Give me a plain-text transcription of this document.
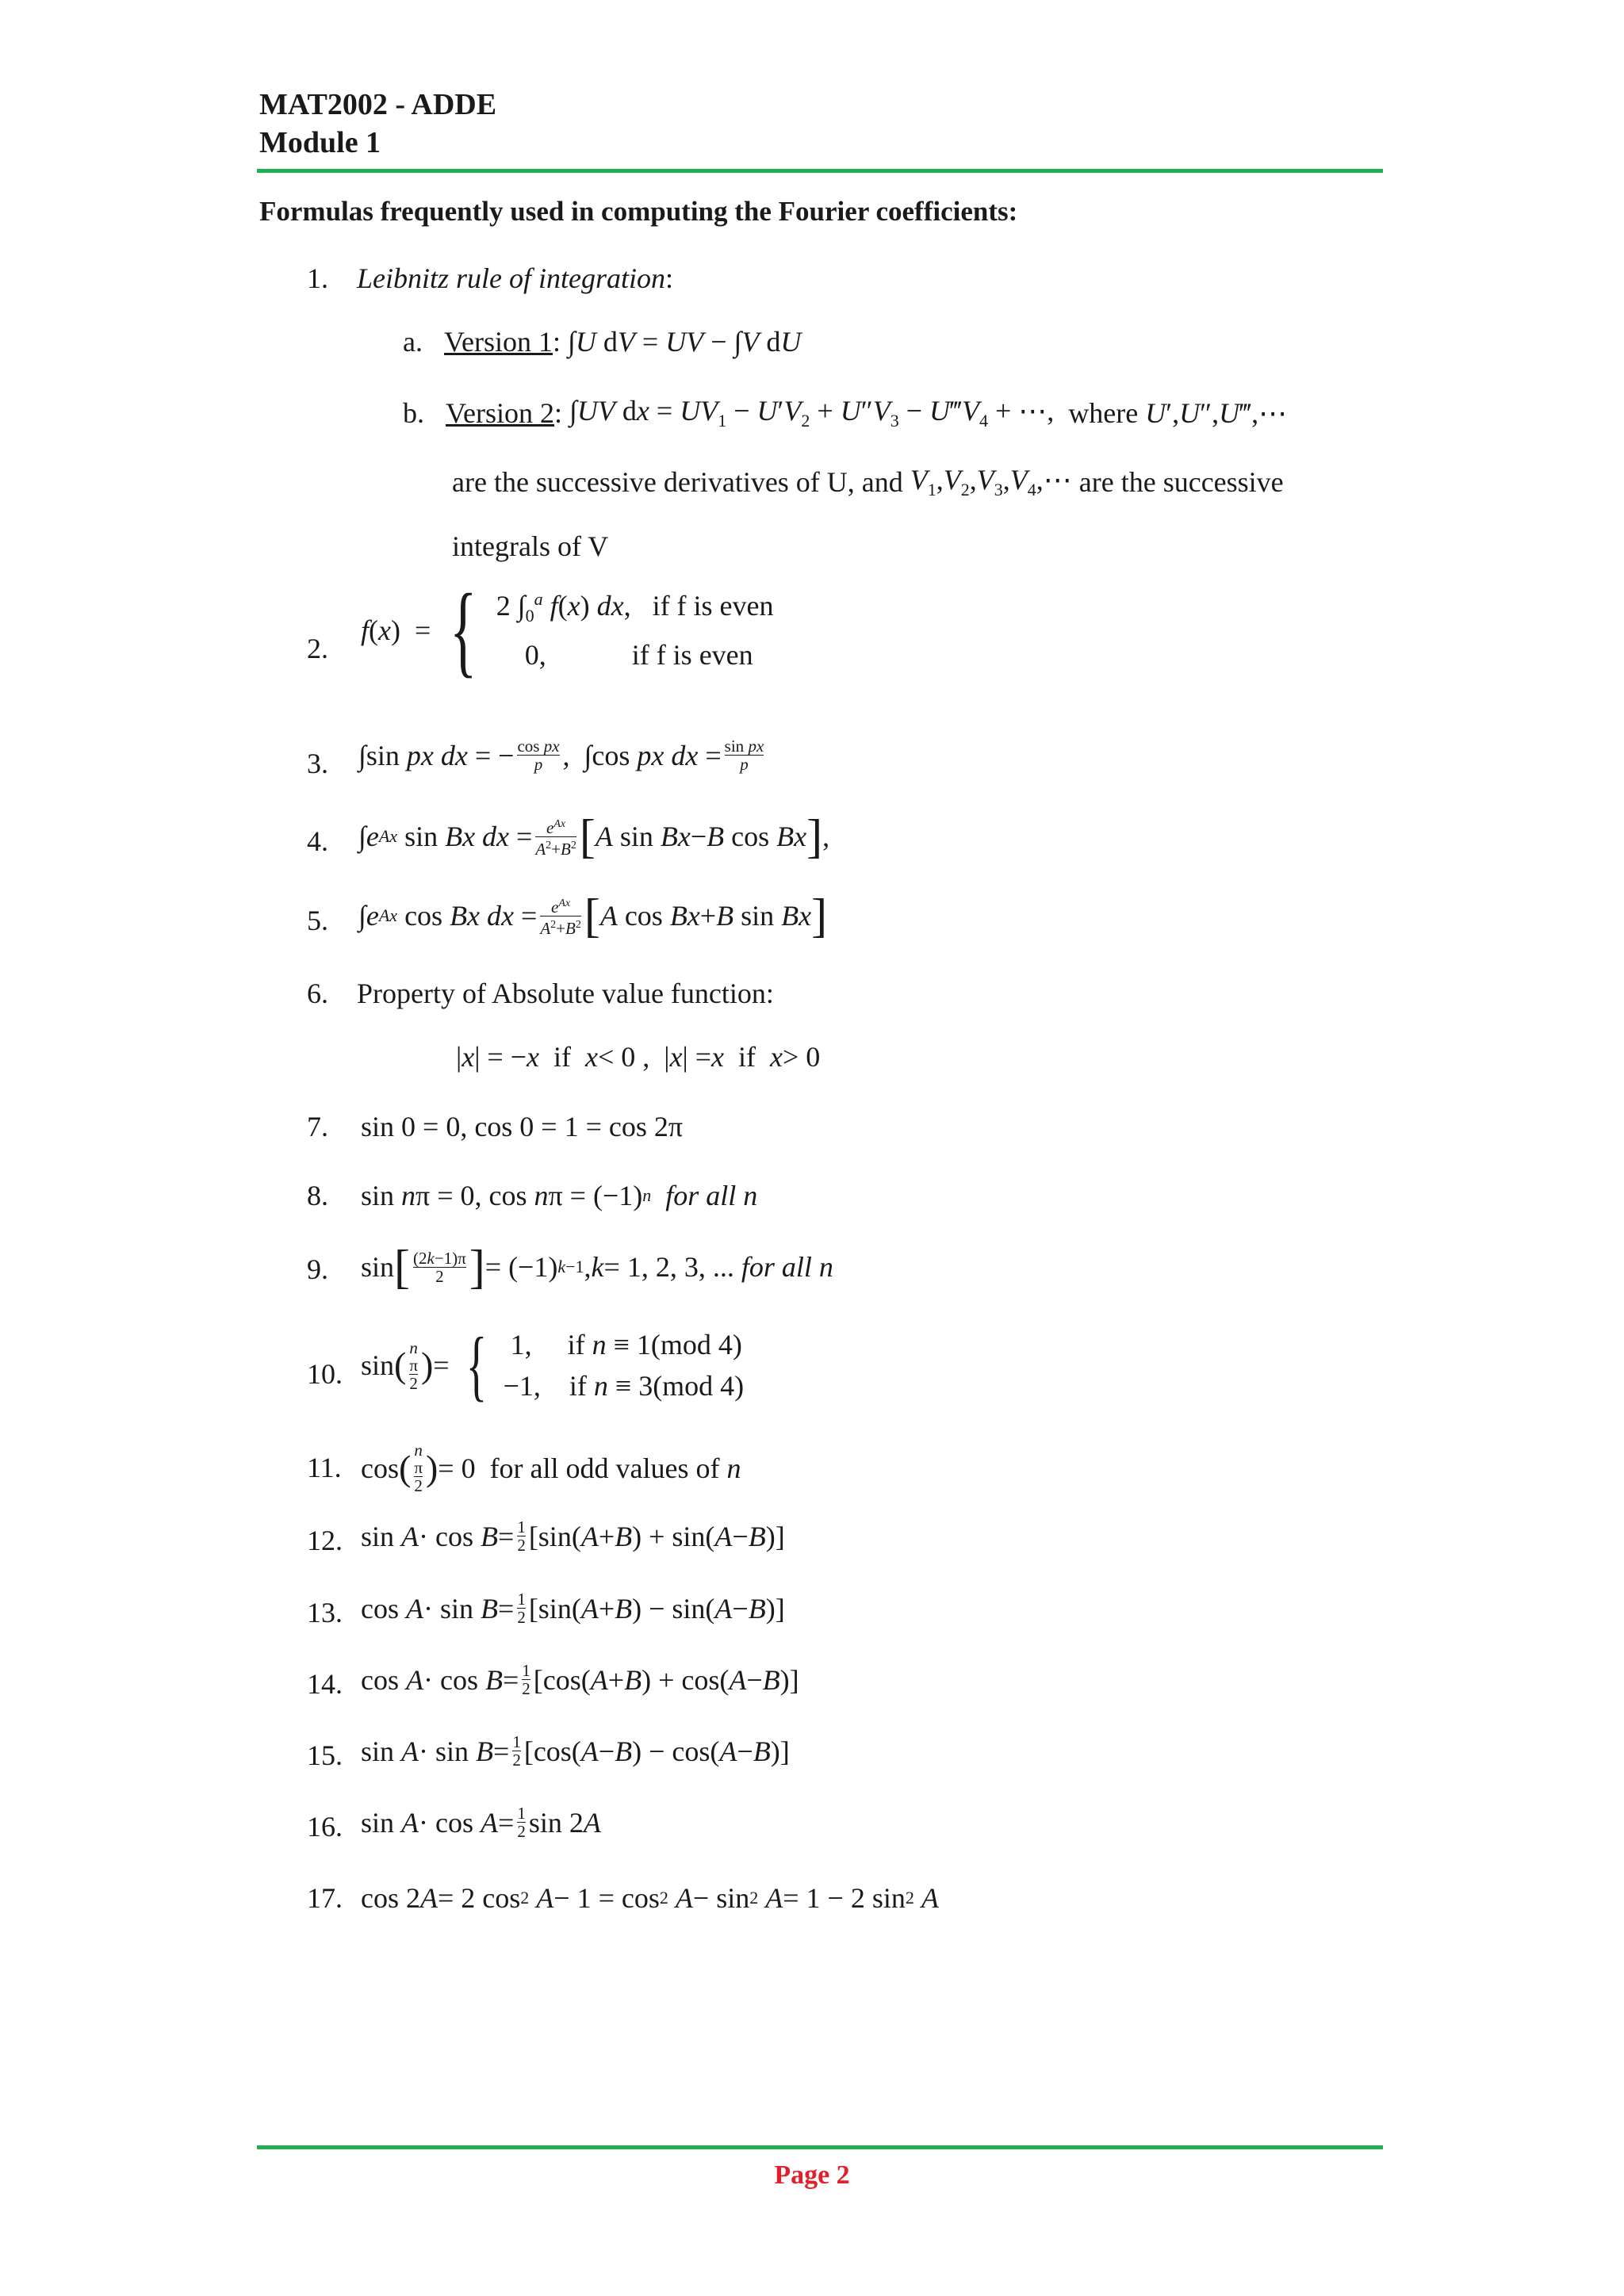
MAT2002 - ADDE
Module 1
Formulas frequently used in computing the Fourier coefficients:
1. Leibnitz rule of integration :
a.
Version 1 : ∫U dV = UV − ∫V dU
b.
Version 2 : ∫UV dx = $UV_1 - U'V_2 + U''V_3$ − $U‴V_4$ + ⋯, where
U′,U″,U‴,⋯
are the successive derivatives of U, and
$V_1,V_2,V_3,V_4,\cdots$
are the successive
integrals of V
2.
f(x)  = { 2 $\int_0^a$ f(x) dx,   if f is even
0,            if f is even
3. ∫sin px dx = − $\frac{\text{cos px}}{p}$ ,  ∫cos px dx = $\frac{\text{sin px}}{p}$
4. ∫ e Ax sin Bx dx = $\frac{e^{Ax}}{A^2+B^2}$ [ A sin Bx − B cos Bx ] ,
5. ∫ e Ax cos Bx dx = $\frac{e^{Ax}}{A^2+B^2}$ [ A cos Bx + B sin Bx ]
6. Property of Absolute value function:
| x | = − x if x < 0 ,  | x | = x if x > 0
7. sin 0 = 0, cos 0 = 1 = cos 2π
8. sin n π = 0, cos n π = (−1) n
for all n
9. sin [ $\frac{(2k-1)\pi}{2}$ ] = (−1) k−1 , k = 1, 2, 3, ... for all n
10. sin ( n
π
2 ) = { 1,     if n ≡ 1(mod 4)
−1,    if n ≡ 3(mod 4)
11. cos ( n
π
2 ) = 0  for all odd values of n
12. $\sin A \cdot \cos B = \frac{1}{2} [\sin$( A + B ) + sin( A − B )]
13. $\cos A \cdot \sin B = \frac{1}{2} [\sin$( A + B ) − sin( A − B )]
14. $\cos A \cdot \cos B = \frac{1}{2} [\cos$( A + B ) + cos( A − B )]
15. $\sin A \cdot \sin B = \frac{1}{2} [\cos$( A − B ) − cos( A − B )]
16. $\sin A \cdot \cos A = \frac{1}{2}$ sin 2 A
17. cos 2 A = 2 cos 2 A − 1 = cos 2 A − sin 2 A = 1 − 2 sin 2 A
Page 2
